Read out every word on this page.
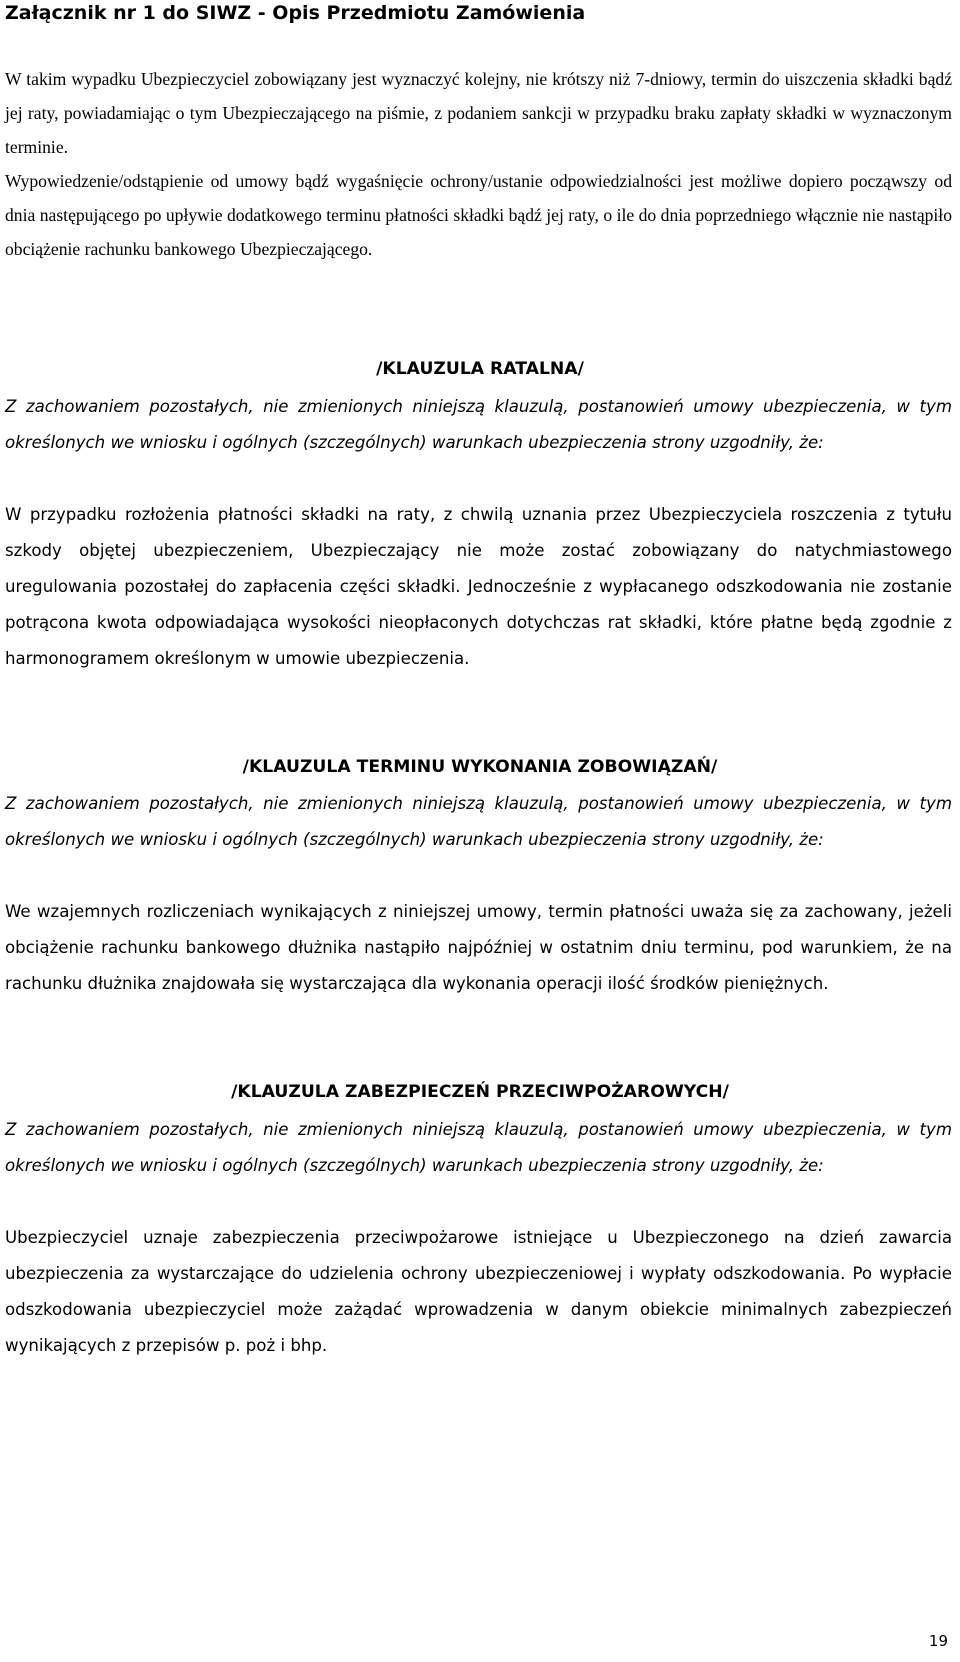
Załącznik nr 1 do SIWZ - Opis Przedmiotu Zamówienia

W takim wypadku Ubezpieczyciel zobowiązany jest wyznaczyć kolejny, nie krótszy niż 7-dniowy, termin do uiszczenia składki bądź jej raty, powiadamiając o tym Ubezpieczającego na piśmie, z podaniem sankcji w przypadku braku zapłaty składki w wyznaczonym terminie.

Wypowiedzenie/odstąpienie od umowy bądź wygaśnięcie ochrony/ustanie odpowiedzialności jest możliwe dopiero począwszy od dnia następującego po upływie dodatkowego terminu płatności składki bądź jej raty, o ile do dnia poprzedniego włącznie nie nastąpiło obciążenie rachunku bankowego Ubezpieczającego.

/KLAUZULA RATALNA/

Z zachowaniem pozostałych, nie zmienionych niniejszą klauzulą, postanowień umowy ubezpieczenia, w tym określonych we wniosku i ogólnych (szczególnych) warunkach ubezpieczenia strony uzgodniły, że:

W przypadku rozłożenia płatności składki na raty, z chwilą uznania przez Ubezpieczyciela roszczenia z tytułu szkody objętej ubezpieczeniem, Ubezpieczający nie może zostać zobowiązany do natychmiastowego uregulowania pozostałej do zapłacenia części składki. Jednocześnie z wypłacanego odszkodowania nie zostanie potrącona kwota odpowiadająca wysokości nieopłaconych dotychczas rat składki, które płatne będą zgodnie z harmonogramem określonym w umowie ubezpieczenia.

/KLAUZULA TERMINU WYKONANIA ZOBOWIĄZAŃ/

Z zachowaniem pozostałych, nie zmienionych niniejszą klauzulą, postanowień umowy ubezpieczenia, w tym określonych we wniosku i ogólnych (szczególnych) warunkach ubezpieczenia strony uzgodniły, że:

We wzajemnych rozliczeniach wynikających z niniejszej umowy, termin płatności uważa się za zachowany, jeżeli obciążenie rachunku bankowego dłużnika nastąpiło najpóźniej w ostatnim dniu terminu, pod warunkiem, że na rachunku dłużnika znajdowała się wystarczająca dla wykonania operacji ilość środków pieniężnych.

/KLAUZULA ZABEZPIECZEŃ PRZECIWPOŻAROWYCH/

Z zachowaniem pozostałych, nie zmienionych niniejszą klauzulą, postanowień umowy ubezpieczenia, w tym określonych we wniosku i ogólnych (szczególnych) warunkach ubezpieczenia strony uzgodniły, że:

Ubezpieczyciel uznaje zabezpieczenia przeciwpożarowe istniejące u Ubezpieczonego na dzień zawarcia ubezpieczenia za wystarczające do udzielenia ochrony ubezpieczeniowej i wypłaty odszkodowania. Po wypłacie odszkodowania ubezpieczyciel może zażądać wprowadzenia w danym obiekcie minimalnych zabezpieczeń wynikających z przepisów p. poż i bhp.

19
